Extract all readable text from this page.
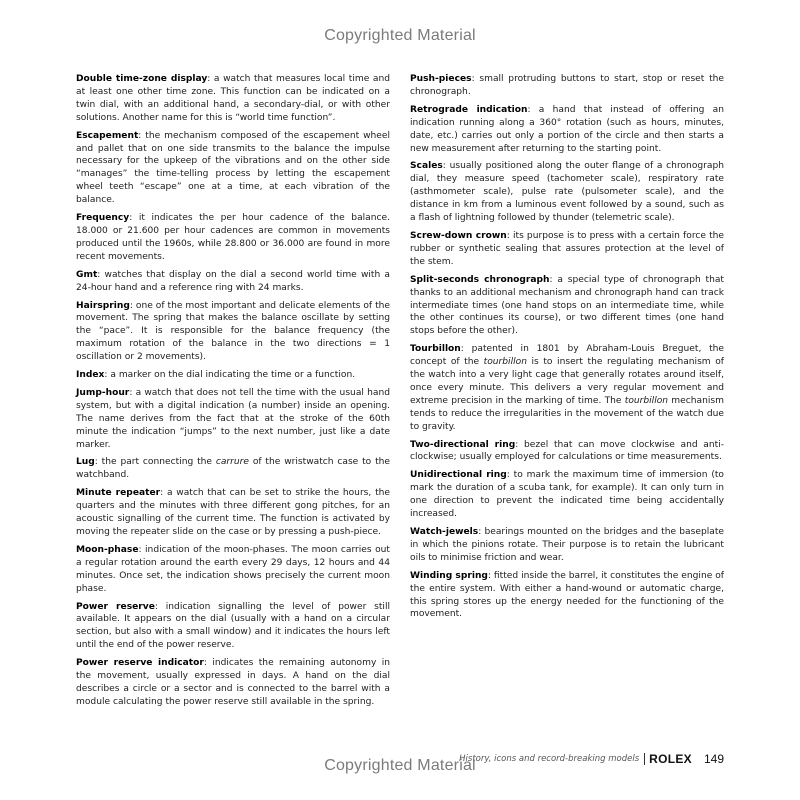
Copyrighted Material

Double time-zone display: a watch that measures local time and at least one other time zone. This function can be indicated on a twin dial, with an additional hand, a secondary-dial, or with other solutions. Another name for this is “world time function”.

Escapement: the mechanism composed of the escapement wheel and pallet that on one side transmits to the balance the impulse necessary for the upkeep of the vibrations and on the other side “manages” the time-telling process by letting the escapement wheel teeth “escape” one at a time, at each vibration of the balance.

Frequency: it indicates the per hour cadence of the balance. 18.000 or 21.600 per hour cadences are common in movements produced until the 1960s, while 28.800 or 36.000 are found in more recent movements.

Gmt: watches that display on the dial a second world time with a 24-hour hand and a reference ring with 24 marks.

Hairspring: one of the most important and delicate elements of the movement. The spring that makes the balance oscillate by setting the “pace”. It is responsible for the balance frequency (the maximum rotation of the balance in the two directions = 1 oscillation or 2 movements).

Index: a marker on the dial indicating the time or a function.

Jump-hour: a watch that does not tell the time with the usual hand system, but with a digital indication (a number) inside an opening. The name derives from the fact that at the stroke of the 60th minute the indication “jumps” to the next number, just like a date marker.

Lug: the part connecting the carrure of the wristwatch case to the watchband.

Minute repeater: a watch that can be set to strike the hours, the quarters and the minutes with three different gong pitches, for an acoustic signalling of the current time. The function is activated by moving the repeater slide on the case or by pressing a push-piece.

Moon-phase: indication of the moon-phases. The moon carries out a regular rotation around the earth every 29 days, 12 hours and 44 minutes. Once set, the indication shows precisely the current moon phase.

Power reserve: indication signalling the level of power still available. It appears on the dial (usually with a hand on a circular section, but also with a small window) and it indicates the hours left until the end of the power reserve.

Power reserve indicator: indicates the remaining autonomy in the movement, usually expressed in days. A hand on the dial describes a circle or a sector and is connected to the barrel with a module calculating the power reserve still available in the spring.

Push-pieces: small protruding buttons to start, stop or reset the chronograph.

Retrograde indication: a hand that instead of offering an indication running along a 360° rotation (such as hours, minutes, date, etc.) carries out only a portion of the circle and then starts a new measurement after returning to the starting point.

Scales: usually positioned along the outer flange of a chronograph dial, they measure speed (tachometer scale), respiratory rate (asthmometer scale), pulse rate (pulsometer scale), and the distance in km from a luminous event followed by a sound, such as a flash of lightning followed by thunder (telemetric scale).

Screw-down crown: its purpose is to press with a certain force the rubber or synthetic sealing that assures protection at the level of the stem.

Split-seconds chronograph: a special type of chronograph that thanks to an additional mechanism and chronograph hand can track intermediate times (one hand stops on an intermediate time, while the other continues its course), or two different times (one hand stops before the other).

Tourbillon: patented in 1801 by Abraham-Louis Breguet, the concept of the tourbillon is to insert the regulating mechanism of the watch into a very light cage that generally rotates around itself, once every minute. This delivers a very regular movement and extreme precision in the marking of time. The tourbillon mechanism tends to reduce the irregularities in the movement of the watch due to gravity.

Two-directional ring: bezel that can move clockwise and anti-clockwise; usually employed for calculations or time measurements.

Unidirectional ring: to mark the maximum time of immersion (to mark the duration of a scuba tank, for example). It can only turn in one direction to prevent the indicated time being accidentally increased.

Watch-jewels: bearings mounted on the bridges and the baseplate in which the pinions rotate. Their purpose is to retain the lubricant oils to minimise friction and wear.

Winding spring: fitted inside the barrel, it constitutes the engine of the entire system. With either a hand-wound or automatic charge, this spring stores up the energy needed for the functioning of the movement.

History, icons and record-breaking models ROLEX 149
Copyrighted Material
